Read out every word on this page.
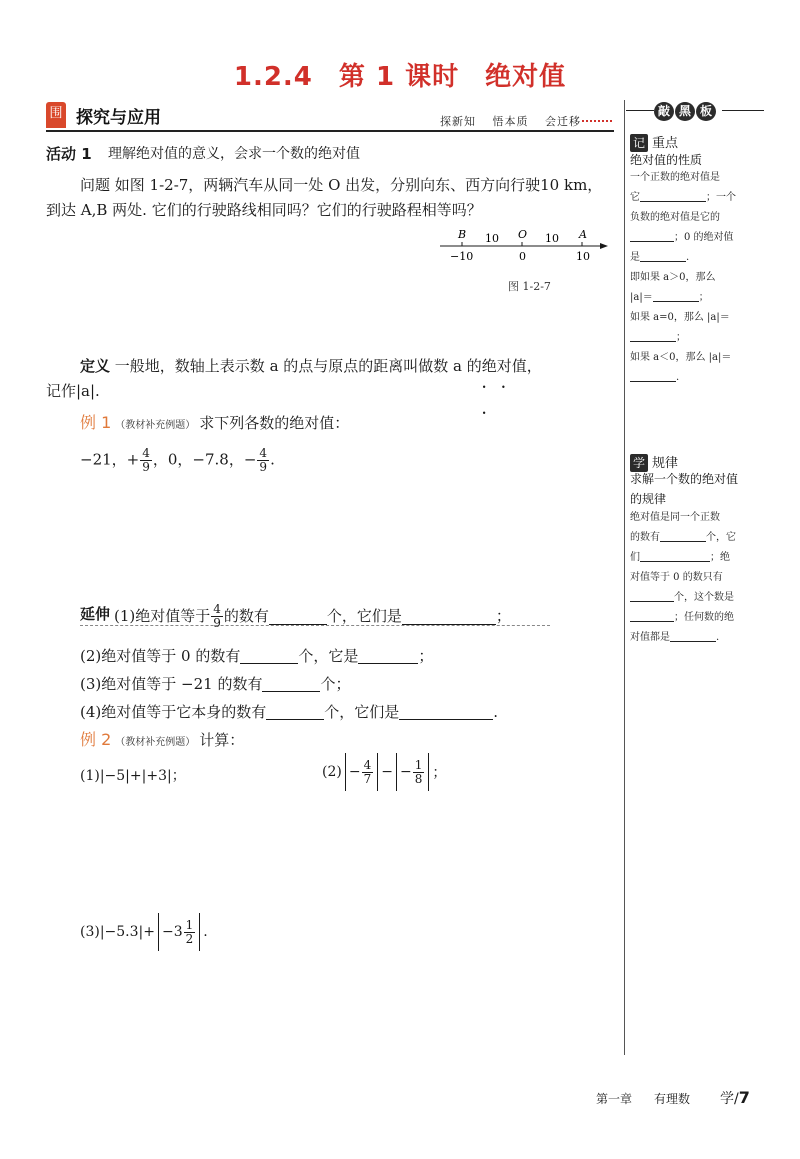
1.2.4 第 1 课时 绝对值
围 探究与应用	探新知 悟本质 会迁移
活动 1 理解绝对值的意义，会求一个数的绝对值
问题 如图 1-2-7，两辆汽车从同一处 O 出发，分别向东、西方向行驶10 km，
到达 A,B 两处. 它们的行驶路线相同吗？它们的行驶路程相等吗？
B	O	A
10	10
−10	0	10
图 1-2-7
定义 一般地，数轴上表示数 a 的点与原点的距离叫做数 a 的绝对值 • • •，
记作|a|.
例 1 （教材补充例题） 求下列各数的绝对值：
−21，+ $\frac{4}{9}$ ，0，−7.8，− $\frac{4}{9}$ .
延伸 (1)绝对值等于 $\frac{4}{9}$ 的数有	个，它们是	；
(2)绝对值等于 0 的数有	个，它是	；
(3)绝对值等于 −21 的数有	个；
(4)绝对值等于它本身的数有	个，它们是	.
例 2 （教材补充例题） 计算：
(1)|−5|+|+3|；	$(2) - \frac{4}{7}$ − − $\frac{1}{8}$ ；
$(3)|-5.3|+ -3 \frac{1}{2}$ .
敲 黑 板
记 重点
绝对值的性质
一个正数的绝对值是
它	；一个
负数的绝对值是它的
；0 的绝对值
是	.
即如果 a＞0，那么
|a|＝	；
如果 a=0，那么 |a|＝
；
如果 a＜0，那么 |a|＝
.
学 规律
求解一个数的绝对值
的规律
绝对值是同一个正数
的数有	个，它
们	；绝
对值等于 0 的数只有
个，这个数是
；任何数的绝
对值都是	.
第一章 有理数 学/7
